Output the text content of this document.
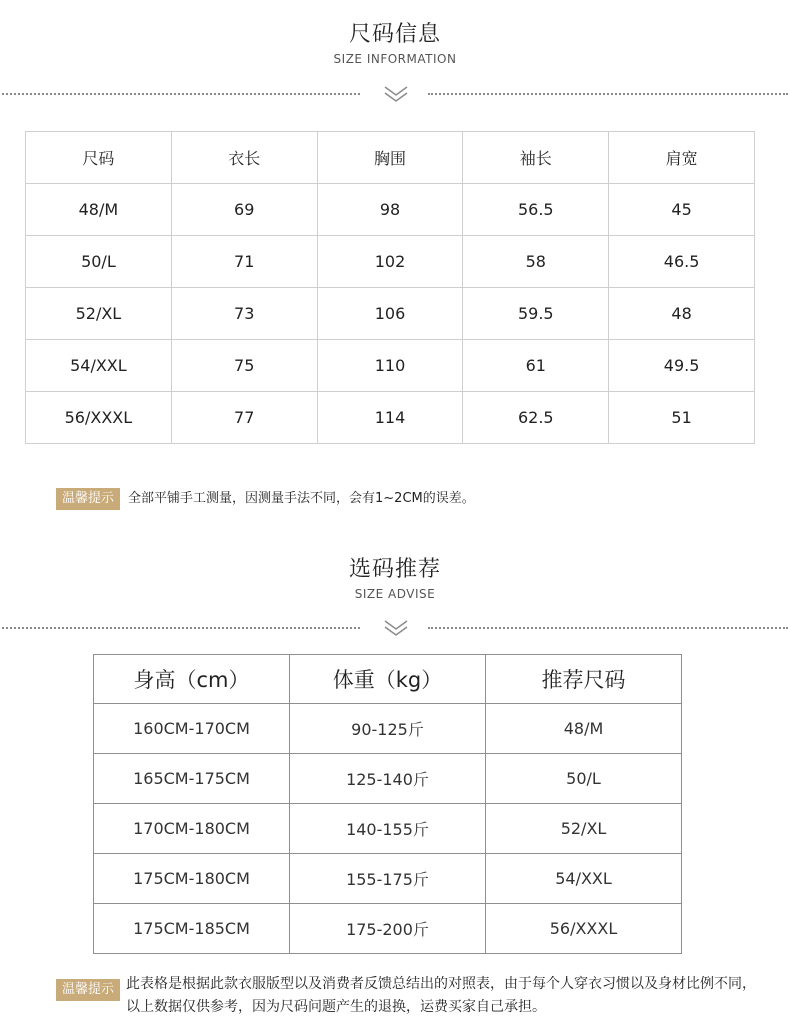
尺码信息
SIZE INFORMATION
尺码	衣长	胸围	袖长	肩宽
48/M	69	98	56.5	45
50/L	71	102	58	46.5
52/XL	73	106	59.5	48
54/XXL	75	110	61	49.5
56/XXXL	77	114	62.5	51
温馨提示	全部平铺手工测量，因测量手法不同，会有1~2CM的误差。
选码推荐
SIZE ADVISE
身高（cm）	体重（kg）	推荐尺码
160CM-170CM	90-125斤	48/M
165CM-175CM	125-140斤	50/L
170CM-180CM	140-155斤	52/XL
175CM-180CM	155-175斤	54/XXL
175CM-185CM	175-200斤	56/XXXL
温馨提示 此表格是根据此款衣服版型以及消费者反馈总结出的对照表，由于每个人穿衣习惯以及身材比例不同，以上数据仅供参考，因为尺码问题产生的退换，运费买家自己承担。
